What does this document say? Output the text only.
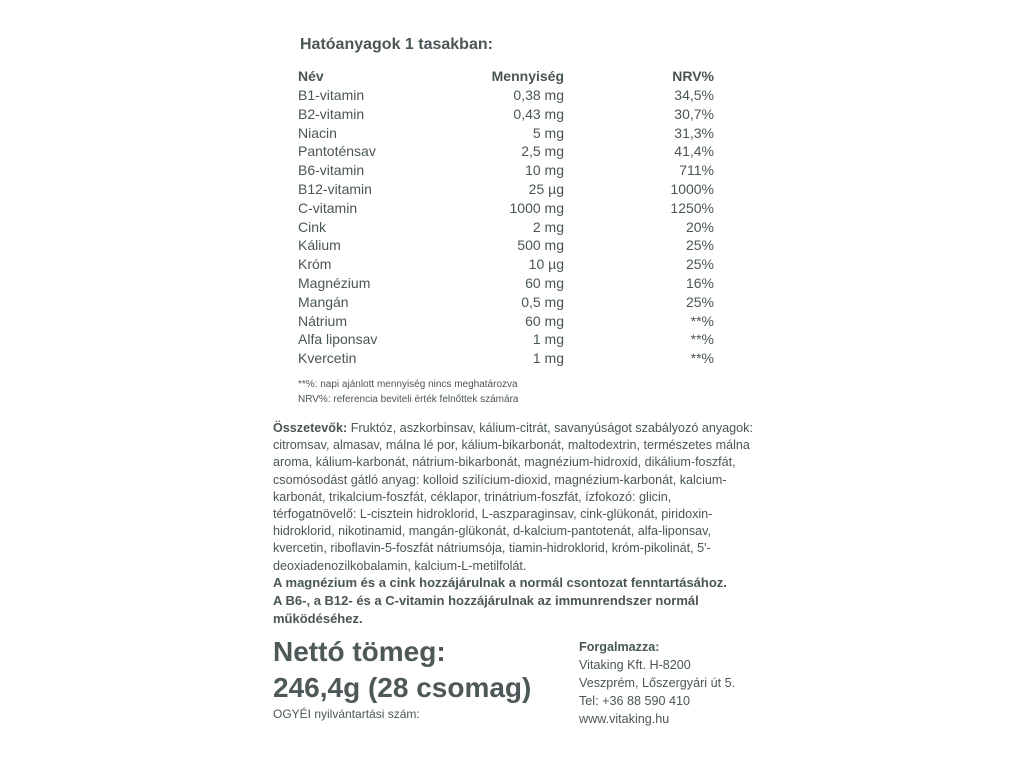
Hatóanyagok 1 tasakban:
Név	Mennyiség	NRV%
B1-vitamin	0,38 mg	34,5%
B2-vitamin	0,43 mg	30,7%
Niacin	5 mg	31,3%
Pantoténsav	2,5 mg	41,4%
B6-vitamin	10 mg	711%
B12-vitamin	25 µg	1000%
C-vitamin	1000 mg	1250%
Cink	2 mg	20%
Kálium	500 mg	25%
Króm	10 µg	25%
Magnézium	60 mg	16%
Mangán	0,5 mg	25%
Nátrium	60 mg	**%
Alfa liponsav	1 mg	**%
Kvercetin	1 mg	**%
**%: napi ajánlott mennyiség nincs meghatározva
NRV%: referencia beviteli érték felnőttek számára
Összetevők: Fruktóz, aszkorbinsav, kálium-citrát, savanyúságot szabályozó anyagok: citromsav, almasav, málna lé por, kálium-bikarbonát, maltodextrin, természetes málna aroma, kálium-karbonát, nátrium-bikarbonát, magnézium-hidroxid, dikálium-foszfát, csomósodást gátló anyag: kolloid szilícium-dioxid, magnézium-karbonát, kalcium-karbonát, trikalcium-foszfát, céklapor, trinátrium-foszfát, ízfokozó: glicin, térfogatnövelő: L-cisztein hidroklorid, L-aszparaginsav, cink-glükonát, piridoxin-hidroklorid, nikotinamid, mangán-glükonát, d-kalcium-pantotenát, alfa-liponsav, kvercetin, riboflavin-5-foszfát nátriumsója, tiamin-hidroklorid, króm-pikolinát, 5'-deoxiadenozilkobalamin, kalcium-L-metilfolát.
A magnézium és a cink hozzájárulnak a normál csontozat fenntartásához.
A B6-, a B12- és a C-vitamin hozzájárulnak az immunrendszer normál működéséhez.
Nettó tömeg:
246,4g (28 csomag)
OGYÉI nyilvántartási szám:
Forgalmazza:
Vitaking Kft. H-8200
Veszprém, Lőszergyári út 5.
Tel: +36 88 590 410
www.vitaking.hu
